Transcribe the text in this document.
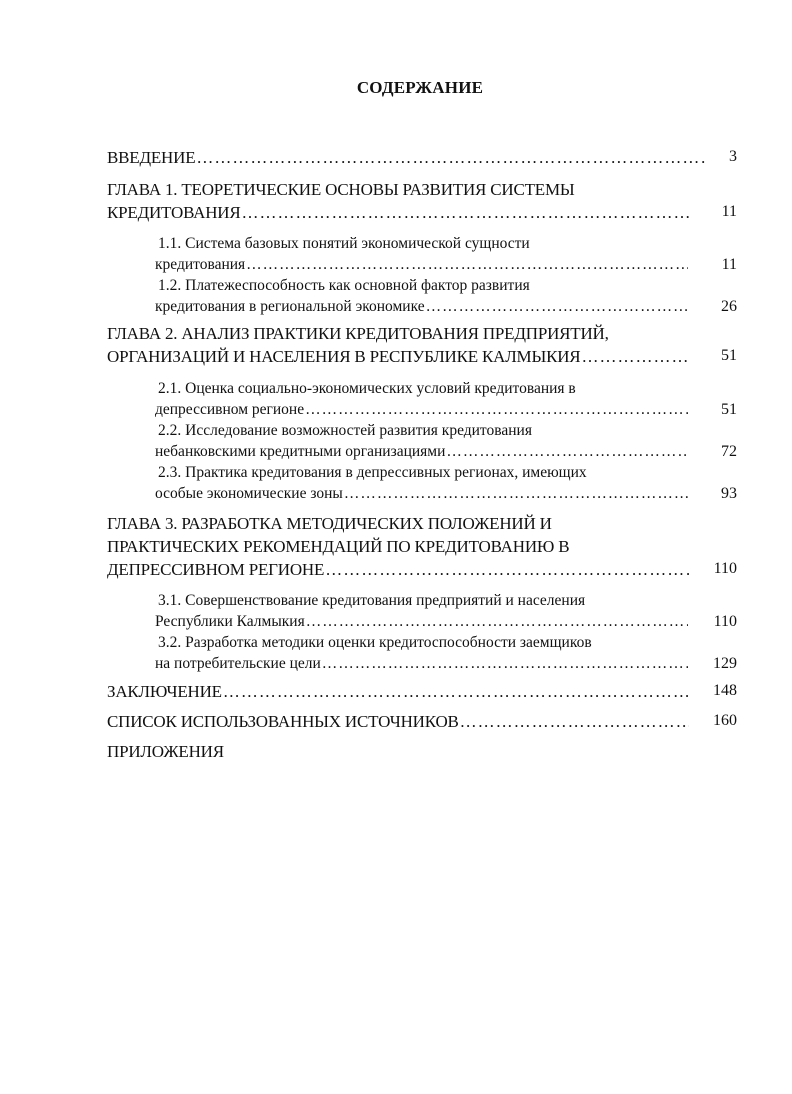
СОДЕРЖАНИЕ
ВВЕДЕНИЕ ………………………………………………………………………………………………………………………………………………	3
ГЛАВА 1. ТЕОРЕТИЧЕСКИЕ ОСНОВЫ РАЗВИТИЯ СИСТЕМЫ
КРЕДИТОВАНИЯ ………………………………………………………………………………………………………………………………………………	11
1.1. Система базовых понятий экономической сущности
кредитования ………………………………………………………………………………………………………………………………………………	11
1.2. Платежеспособность как основной фактор развития
кредитования в региональной экономике ………………………………………………………………………………………………………………………………………………	26
ГЛАВА 2. АНАЛИЗ ПРАКТИКИ КРЕДИТОВАНИЯ ПРЕДПРИЯТИЙ,
ОРГАНИЗАЦИЙ И НАСЕЛЕНИЯ В РЕСПУБЛИКЕ КАЛМЫКИЯ ………………………………………………………………………………………………………………………………………………	51
2.1. Оценка социально-экономических условий кредитования в
депрессивном регионе ………………………………………………………………………………………………………………………………………………	51
2.2. Исследование возможностей развития кредитования
небанковскими кредитными организациями ………………………………………………………………………………………………………………………………………………	72
2.3. Практика кредитования в депрессивных регионах, имеющих
особые экономические зоны ………………………………………………………………………………………………………………………………………………	93
ГЛАВА 3. РАЗРАБОТКА МЕТОДИЧЕСКИХ ПОЛОЖЕНИЙ И
ПРАКТИЧЕСКИХ РЕКОМЕНДАЦИЙ ПО КРЕДИТОВАНИЮ В
ДЕПРЕССИВНОМ РЕГИОНЕ ………………………………………………………………………………………………………………………………………………	110
3.1. Совершенствование кредитования предприятий и населения
Республики Калмыкия ………………………………………………………………………………………………………………………………………………	110
3.2. Разработка методики оценки кредитоспособности заемщиков
на потребительские цели ………………………………………………………………………………………………………………………………………………	129
ЗАКЛЮЧЕНИЕ ………………………………………………………………………………………………………………………………………………	148
СПИСОК ИСПОЛЬЗОВАННЫХ ИСТОЧНИКОВ ………………………………………………………………………………………………………………………………………………	160
ПРИЛОЖЕНИЯ
